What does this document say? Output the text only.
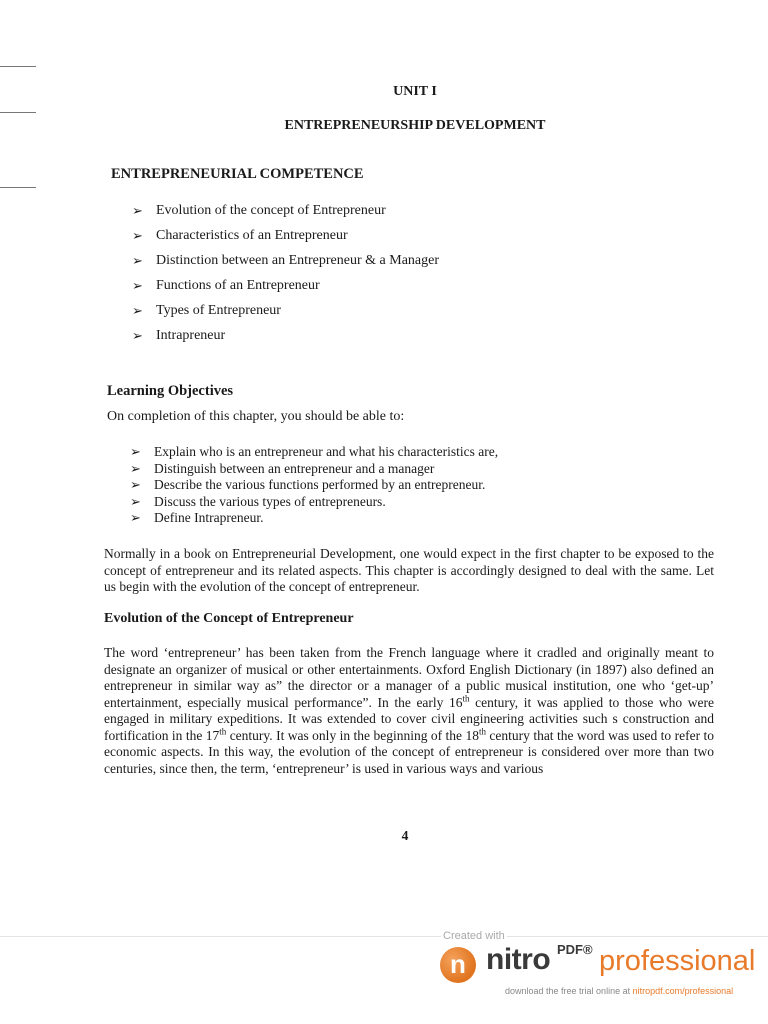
UNIT I
ENTREPRENEURSHIP DEVELOPMENT
ENTREPRENEURIAL COMPETENCE
➢ Evolution of the concept of Entrepreneur
➢ Characteristics of an Entrepreneur
➢ Distinction between an Entrepreneur & a Manager
➢ Functions of an Entrepreneur
➢ Types of Entrepreneur
➢ Intrapreneur
Learning Objectives
On completion of this chapter, you should be able to:
➢ Explain who is an entrepreneur and what his characteristics are,
➢ Distinguish between an entrepreneur and a manager
➢ Describe the various functions performed by an entrepreneur.
➢ Discuss the various types of entrepreneurs.
➢ Define Intrapreneur.

Normally in a book on Entrepreneurial Development, one would expect in the first chapter to be exposed to the concept of entrepreneur and its related aspects. This chapter is accordingly designed to deal with the same. Let us begin with the evolution of the concept of entrepreneur.

Evolution of the Concept of Entrepreneur

The word ‘entrepreneur’ has been taken from the French language where it cradled and originally meant to designate an organizer of musical or other entertainments. Oxford English Dictionary (in 1897) also defined an entrepreneur in similar way as” the director or a manager of a public musical institution, one who ‘get-up’ entertainment, especially musical performance”. In the early 16th century, it was applied to those who were engaged in military expeditions. It was extended to cover civil engineering activities such s construction and fortification in the 17th century. It was only in the beginning of the 18th century that the word was used to refer to economic aspects. In this way, the evolution of the concept of entrepreneur is considered over more than two centuries, since then, the term, ‘entrepreneur’ is used in various ways and various

4
Created with
n nitro PDF® professional
download the free trial online at nitropdf.com/professional
